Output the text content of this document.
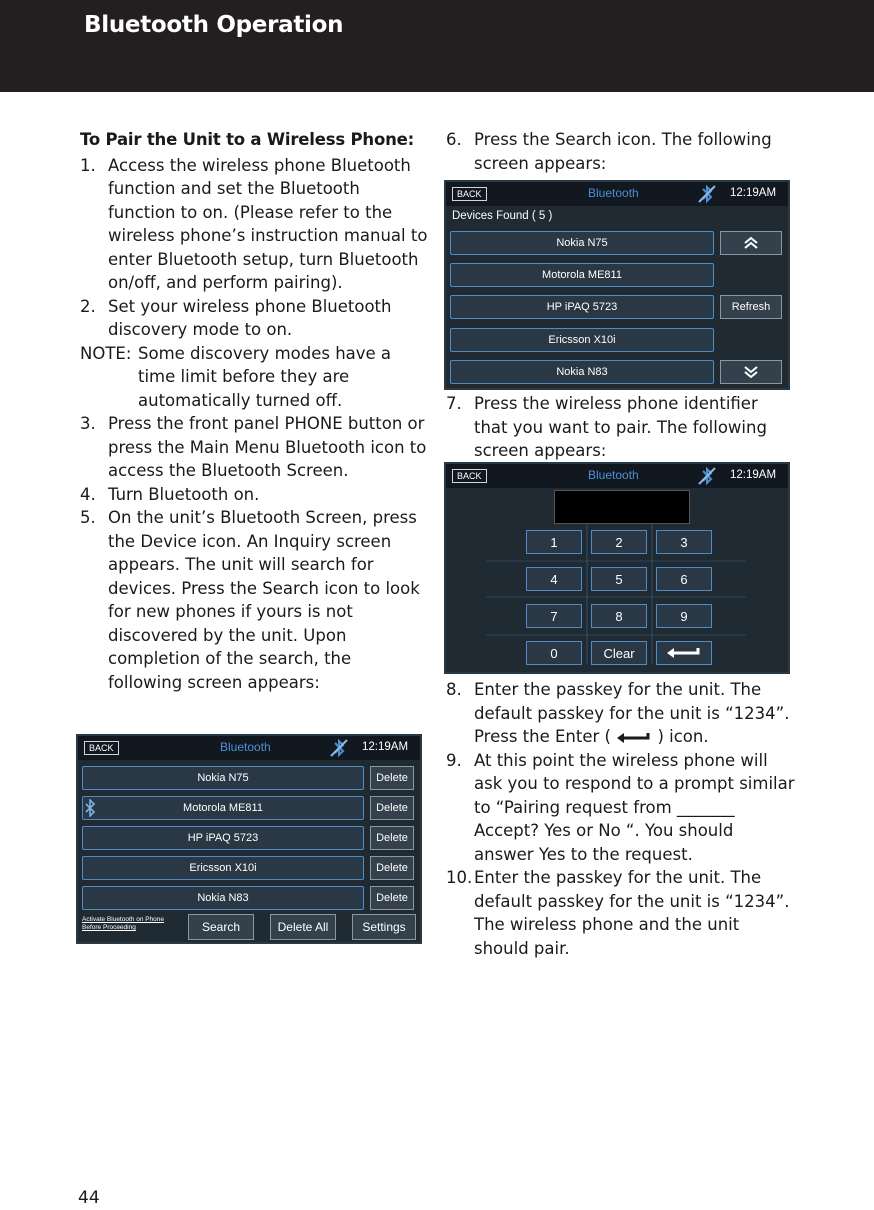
Bluetooth Operation
To Pair the Unit to a Wireless Phone:
1. Access the wireless phone Bluetooth function and set the Bluetooth function to on. (Please refer to the wireless phone’s instruction manual to enter Bluetooth setup, turn Bluetooth on/off, and perform pairing).
2. Set your wireless phone Bluetooth discovery mode to on.
NOTE: Some discovery modes have a time limit before they are automatically turned off.
3. Press the front panel PHONE button or press the Main Menu Bluetooth icon to access the Bluetooth Screen.
4. Turn Bluetooth on.
5. On the unit’s Bluetooth Screen, press the Device icon. An Inquiry screen appears. The unit will search for devices. Press the Search icon to look for new phones if yours is not discovered by the unit. Upon completion of the search, the following screen appears:
6. Press the Search icon. The following screen appears:
7. Press the wireless phone identifier that you want to pair. The following screen appears:
8. Enter the passkey for the unit. The default passkey for the unit is “1234”. Press the Enter (	) icon.
9. At this point the wireless phone will ask you to respond to a prompt similar to “Pairing request from _______ Accept? Yes or No “. You should answer Yes to the request.
10. Enter the passkey for the unit. The default passkey for the unit is “1234”. The wireless phone and the unit should pair.
BACK	Bluetooth	12:19AM
Nokia N75	Delete
Motorola ME811	Delete
HP iPAQ 5723	Delete
Ericsson X10i	Delete
Nokia N83	Delete
Activate Bluetooth on Phone Before Proceeding	Search	Delete All	Settings
BACK	Bluetooth	12:19AM
Devices Found ( 5 )
Nokia N75
Motorola ME811
HP iPAQ 5723	Refresh
Ericsson X10i
Nokia N83
BACK	Bluetooth	12:19AM
1	2	3
4	5	6
7	8	9
0	Clear
44
